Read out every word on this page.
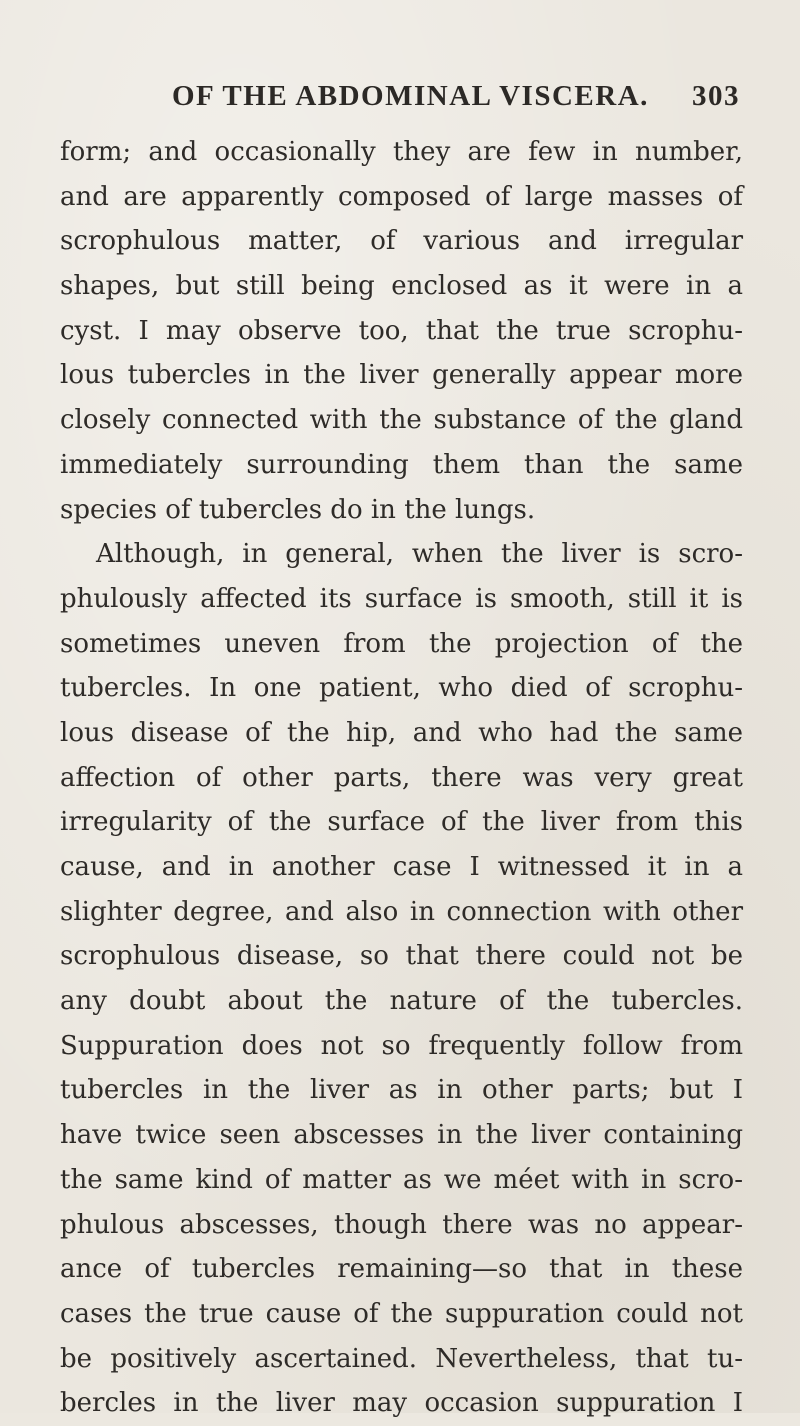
OF THE ABDOMINAL VISCERA. 303
form; and occasionally they are few in number,
and are apparently composed of large masses of
scrophulous matter, of various and irregular
shapes, but still being enclosed as it were in a
cyst. I may observe too, that the true scrophu-
lous tubercles in the liver generally appear more
closely connected with the substance of the gland
immediately surrounding them than the same
species of tubercles do in the lungs.
Although, in general, when the liver is scro-
phulously affected its surface is smooth, still it is
sometimes uneven from the projection of the
tubercles. In one patient, who died of scrophu-
lous disease of the hip, and who had the same
affection of other parts, there was very great
irregularity of the surface of the liver from this
cause, and in another case I witnessed it in a
slighter degree, and also in connection with other
scrophulous disease, so that there could not be
any doubt about the nature of the tubercles.
Suppuration does not so frequently follow from
tubercles in the liver as in other parts; but I
have twice seen abscesses in the liver containing
the same kind of matter as we méet with in scro-
phulous abscesses, though there was no appear-
ance of tubercles remaining—so that in these
cases the true cause of the suppuration could not
be positively ascertained. Nevertheless, that tu-
bercles in the liver may occasion suppuration I
